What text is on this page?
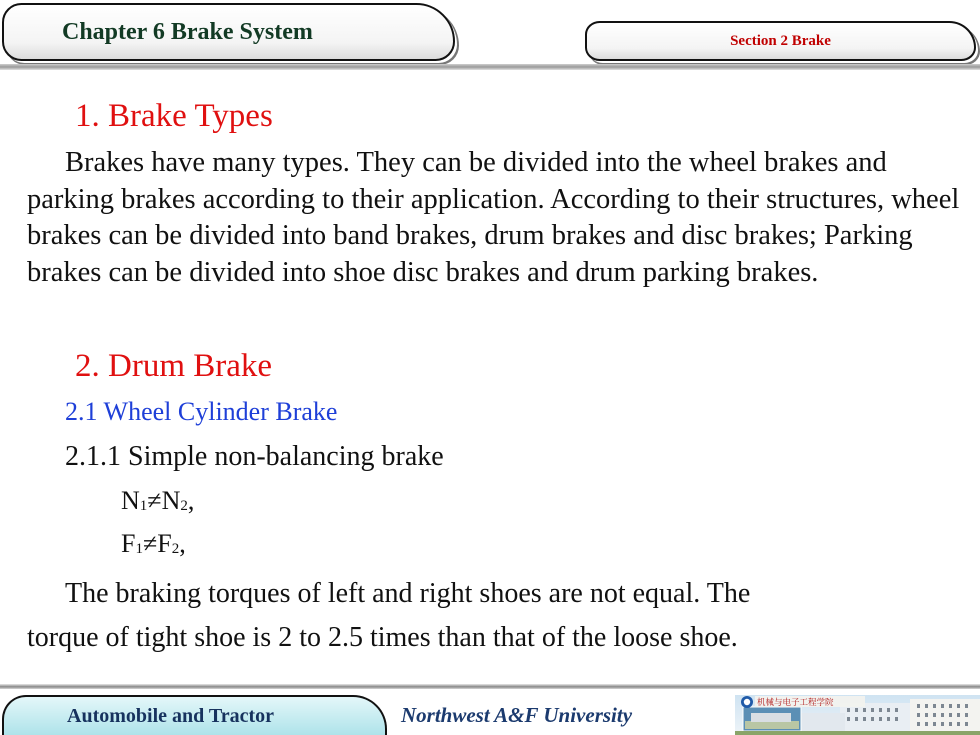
Chapter 6 Brake System	Section 2 Brake
1. Brake Types

Brakes have many types. They can be divided into the wheel brakes and parking brakes according to their application. According to their structures, wheel brakes can be divided into band brakes, drum brakes and disc brakes; Parking brakes can be divided into shoe disc brakes and drum parking brakes.

2. Drum Brake
2.1 Wheel Cylinder Brake
2.1.1 Simple non-balancing brake
$N_1\ne N_2$,
$F_1\ne F_2$,
The braking torques of left and right shoes are not equal. The
torque of tight shoe is 2 to 2.5 times than that of the loose shoe.
Automobile and Tractor	Northwest A&F University	机械与电子工程学院
